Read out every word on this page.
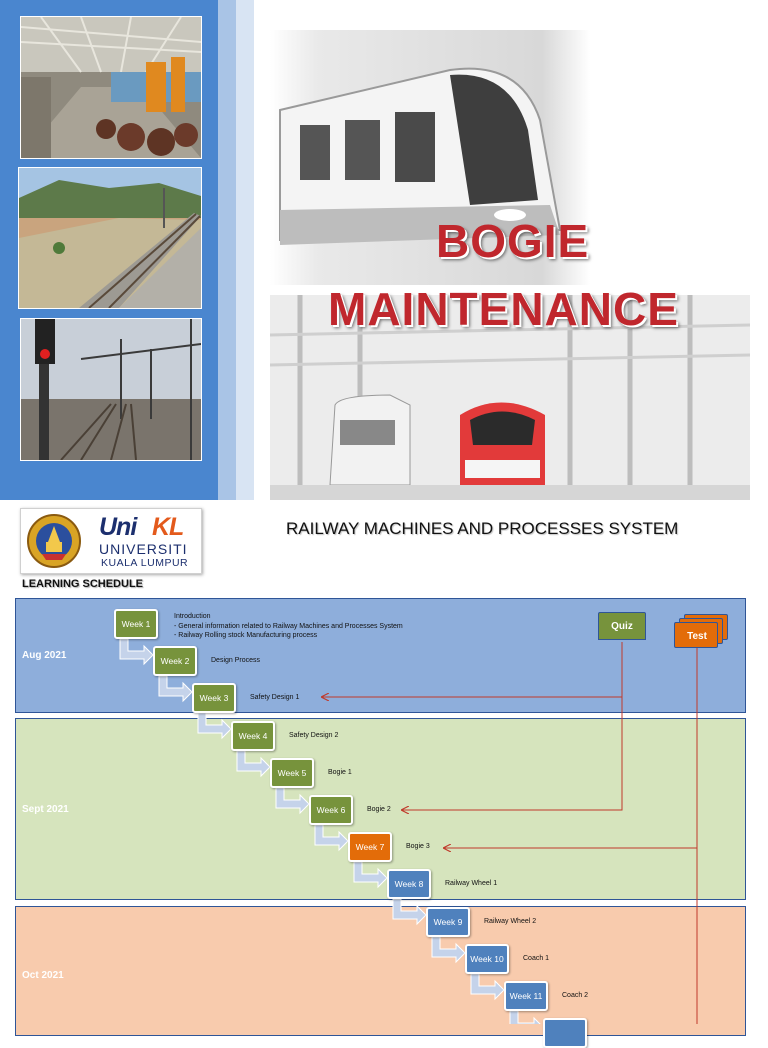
BOGIE
MAINTENANCE
RAILWAY MACHINES AND PROCESSES SYSTEM
Uni KL
UNIVERSITI
KUALA LUMPUR
LEARNING SCHEDULE
Aug 2021
Sept 2021
Oct 2021
Introduction
- General information related to Railway Machines and Processes System
- Railway Rolling stock Manufacturing process
Week 1
Week 2	Design Process
Week 3	Safety Design 1
Week 4	Safety Design 2
Week 5	Bogie 1
Week 6	Bogie 2
Week 7	Bogie 3
Week 8	Railway Wheel 1
Week 9	Railway Wheel 2
Week 10	Coach 1
Week 11	Coach 2
Quiz
Test
